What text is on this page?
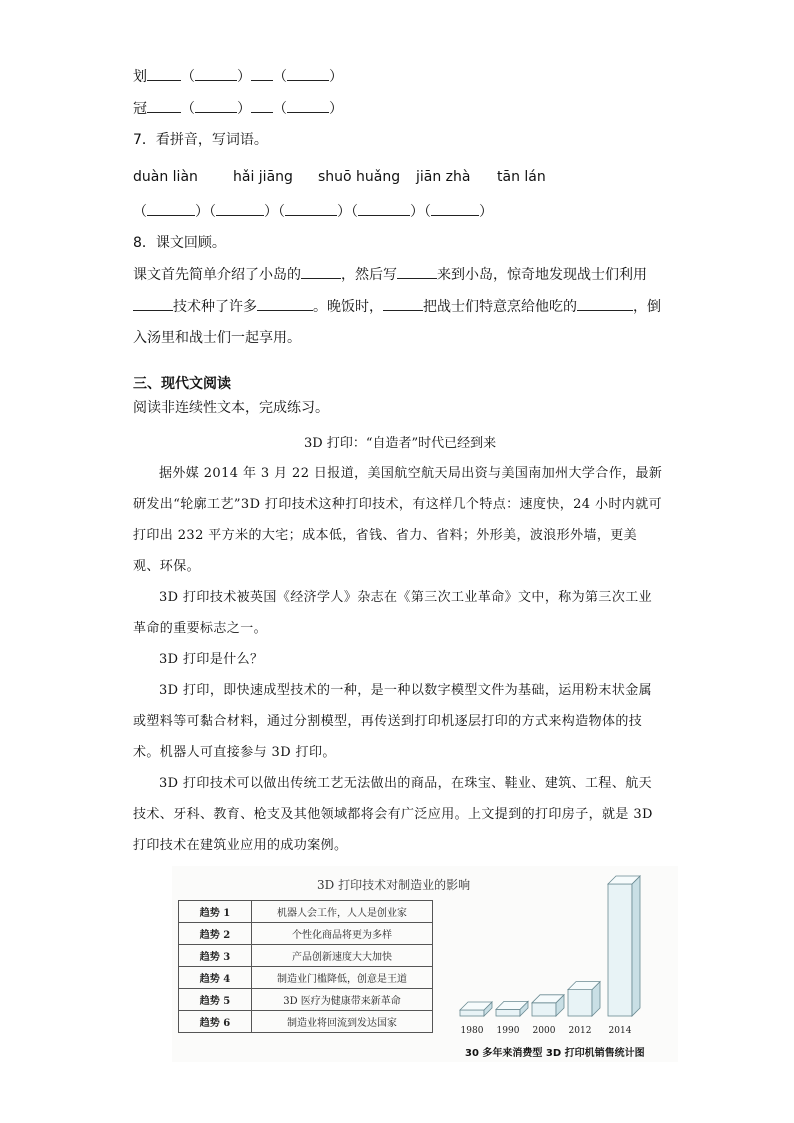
划 （	） （	）
冠 （	） （	）
7．看拼音，写词语。
duàn liàn	hǎi jiāng shuō huǎng jiān zhà tān lán
（	）（	）（	）（	）（	）
8．课文回顾。
课文首先简单介绍了小岛的	，然后写	来到小岛，惊奇地发现战士们利用
技术种了许多	。晚饭时，	把战士们特意烹给他吃的	，倒
入汤里和战士们一起享用。
三、现代文阅读
阅读非连续性文本，完成练习。
3D 打印：“自造者”时代已经到来
据外媒 2014 年 3 月 22 日报道，美国航空航天局出资与美国南加州大学合作，最新研发出“轮廓工艺”3D 打印技术这种打印技术，有这样几个特点：速度快，24 小时内就可打印出 232 平方米的大宅；成本低，省钱、省力、省料；外形美，波浪形外墙，更美观、环保。
3D 打印技术被英国《经济学人》杂志在《第三次工业革命》文中，称为第三次工业革命的重要标志之一。
3D 打印是什么？
3D 打印，即快速成型技术的一种，是一种以数字模型文件为基础，运用粉末状金属或塑料等可黏合材料，通过分割模型，再传送到打印机逐层打印的方式来构造物体的技术。机器人可直接参与 3D 打印。
3D 打印技术可以做出传统工艺无法做出的商品，在珠宝、鞋业、建筑、工程、航天技术、牙科、教育、枪支及其他领域都将会有广泛应用。上文提到的打印房子，就是 3D 打印技术在建筑业应用的成功案例。
3D 打印技术对制造业的影响
趋势 1	机器人会工作，人人是创业家
趋势 2	个性化商品将更为多样
趋势 3	产品创新速度大大加快
趋势 4	制造业门槛降低，创意是王道
趋势 5	3D 医疗为健康带来新革命
趋势 6	制造业将回流到发达国家
1980 1990 2000 2012 2014
30 多年来消费型 3D 打印机销售统计图
